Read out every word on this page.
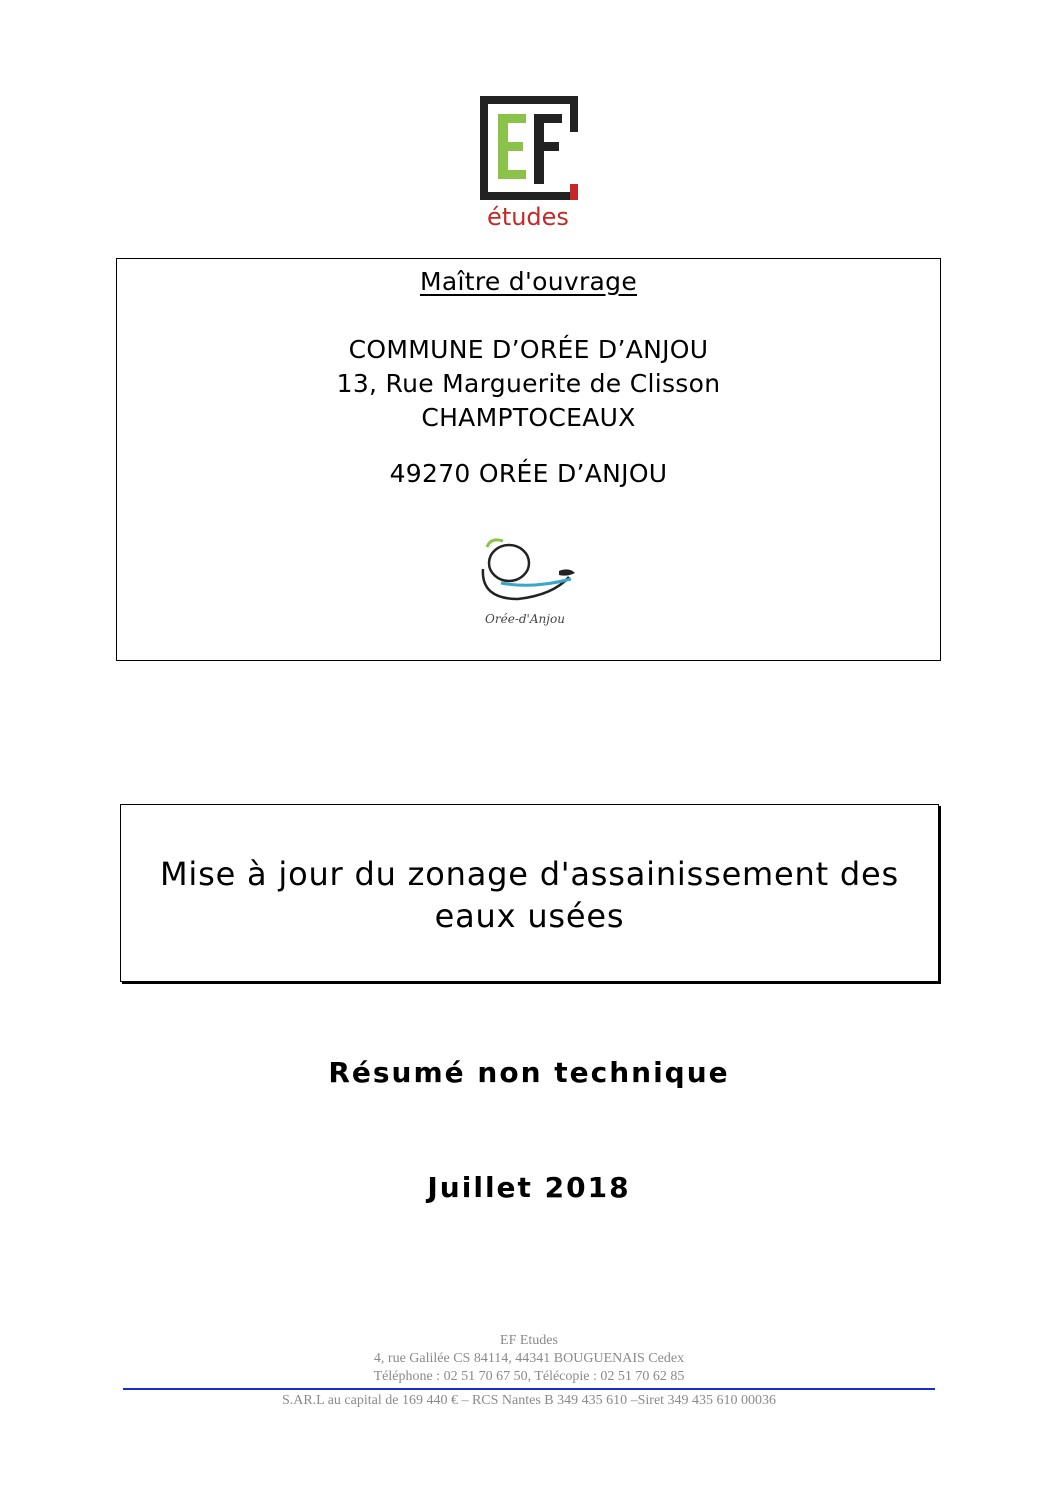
études
Maître d'ouvrage
COMMUNE D’ORÉE D’ANJOU
13, Rue Marguerite de Clisson
CHAMPTOCEAUX
49270 ORÉE D’ANJOU
Orée-d'Anjou
Mise à jour du zonage d'assainissement des eaux usées
Résumé non technique
Juillet 2018
EF Etudes
4, rue Galilée CS 84114, 44341 BOUGUENAIS Cedex
Téléphone : 02 51 70 67 50, Télécopie : 02 51 70 62 85
S.AR.L au capital de 169 440 € – RCS Nantes B 349 435 610 –Siret 349 435 610 00036
